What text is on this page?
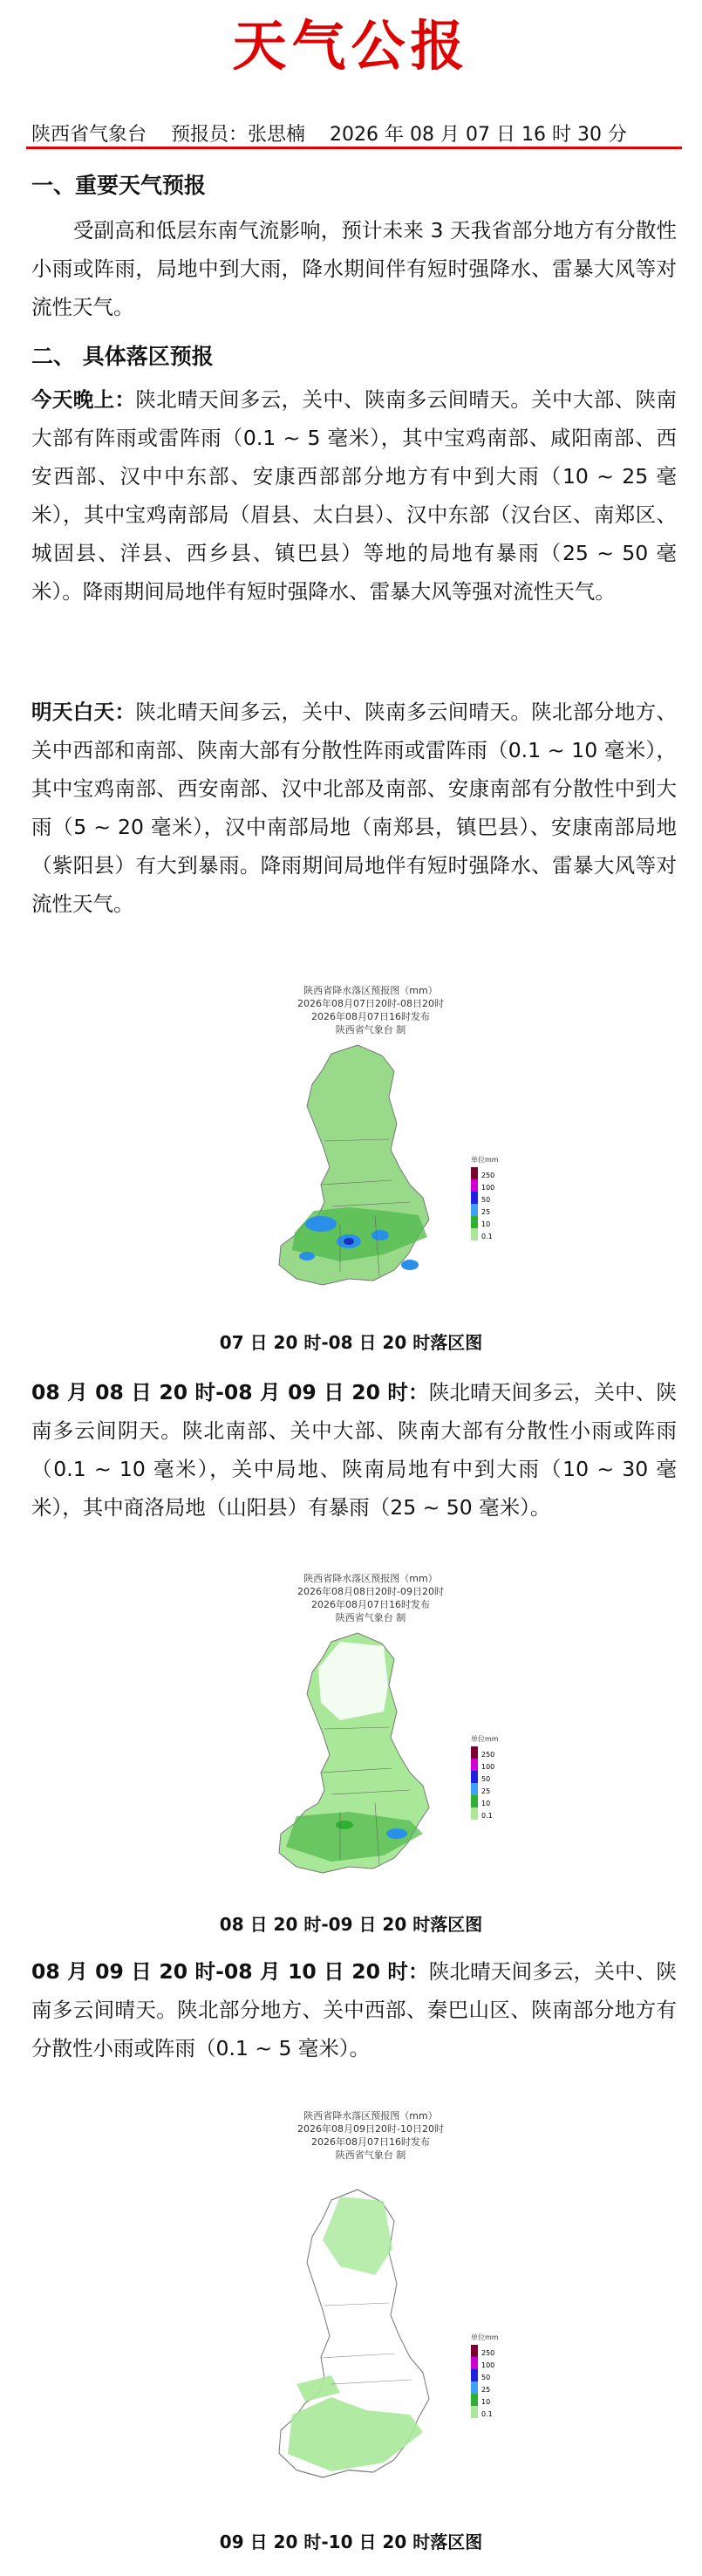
天气公报
陕西省气象台 预报员：张思楠 2026 年 08 月 07 日 16 时 30 分
一、重要天气预报
受副高和低层东南气流影响，预计未来 3 天我省部分地方有分散性小雨或阵雨，局地中到大雨，降水期间伴有短时强降水、雷暴大风等对流性天气。
二、 具体落区预报
今天晚上：陕北晴天间多云，关中、陕南多云间晴天。关中大部、陕南大部有阵雨或雷阵雨（0.1 ~ 5 毫米），其中宝鸡南部、咸阳南部、西安西部、汉中中东部、安康西部部分地方有中到大雨（10 ~ 25 毫米），其中宝鸡南部局（眉县、太白县）、汉中东部（汉台区、南郑区、城固县、洋县、西乡县、镇巴县）等地的局地有暴雨（25 ~ 50 毫米）。降雨期间局地伴有短时强降水、雷暴大风等强对流性天气。
明天白天：陕北晴天间多云，关中、陕南多云间晴天。陕北部分地方、关中西部和南部、陕南大部有分散性阵雨或雷阵雨（0.1 ~ 10 毫米），其中宝鸡南部、西安南部、汉中北部及南部、安康南部有分散性中到大雨（5 ~ 20 毫米），汉中南部局地（南郑县，镇巴县）、安康南部局地（紫阳县）有大到暴雨。降雨期间局地伴有短时强降水、雷暴大风等对流性天气。
陕西省降水落区预报图（mm）
2026年08月07日20时-08日20时
2026年08月07日16时发布
陕西省气象台 制
单位mm
250
100
50
25
10
0.1
07 日 20 时-08 日 20 时落区图
08 月 08 日 20 时-08 月 09 日 20 时：陕北晴天间多云，关中、陕南多云间阴天。陕北南部、关中大部、陕南大部有分散性小雨或阵雨（0.1 ~ 10 毫米），关中局地、陕南局地有中到大雨（10 ~ 30 毫米），其中商洛局地（山阳县）有暴雨（25 ~ 50 毫米）。
陕西省降水落区预报图（mm）
2026年08月08日20时-09日20时
2026年08月07日16时发布
陕西省气象台 制
单位mm
250
100
50
25
10
0.1
08 日 20 时-09 日 20 时落区图
08 月 09 日 20 时-08 月 10 日 20 时：陕北晴天间多云，关中、陕南多云间晴天。陕北部分地方、关中西部、秦巴山区、陕南部分地方有分散性小雨或阵雨（0.1 ~ 5 毫米）。
陕西省降水落区预报图（mm）
2026年08月09日20时-10日20时
2026年08月07日16时发布
陕西省气象台 制
单位mm
250
100
50
25
10
0.1
09 日 20 时-10 日 20 时落区图
